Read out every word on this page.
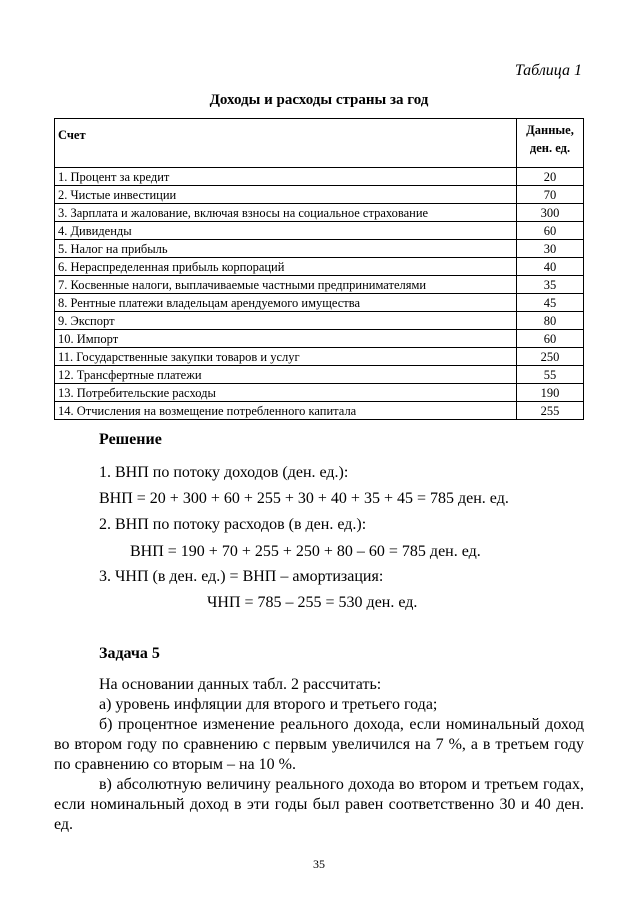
Таблица 1
Доходы и расходы страны за год
Счет	Данные,
ден. ед.
1. Процент за кредит	20
2. Чистые инвестиции	70
3. Зарплата и жалование, включая взносы на социальное страхование	300
4. Дивиденды	60
5. Налог на прибыль	30
6. Нераспределенная прибыль корпораций	40
7. Косвенные налоги, выплачиваемые частными предпринимателями	35
8. Рентные платежи владельцам арендуемого имущества	45
9. Экспорт	80
10. Импорт	60
11. Государственные закупки товаров и услуг	250
12. Трансфертные платежи	55
13. Потребительские расходы	190
14. Отчисления на возмещение потребленного капитала	255
Решение
1. ВНП по потоку доходов (ден. ед.):
ВНП = 20 + 300 + 60 + 255 + 30 + 40 + 35 + 45 = 785 ден. ед.
2. ВНП по потоку расходов (в ден. ед.):
ВНП = 190 + 70 + 255 + 250 + 80 – 60 = 785 ден. ед.
3. ЧНП (в ден. ед.) = ВНП – амортизация:
ЧНП = 785 – 255 = 530 ден. ед.
Задача 5

На основании данных табл. 2 рассчитать:

а) уровень инфляции для второго и третьего года;

б) процентное изменение реального дохода, если номинальный доход во втором году по сравнению с первым увеличился на 7 %, а в третьем году по сравнению со вторым – на 10 %.

в) абсолютную величину реального дохода во втором и третьем годах, если номинальный доход в эти годы был равен соответственно 30 и 40 ден. ед.

35
